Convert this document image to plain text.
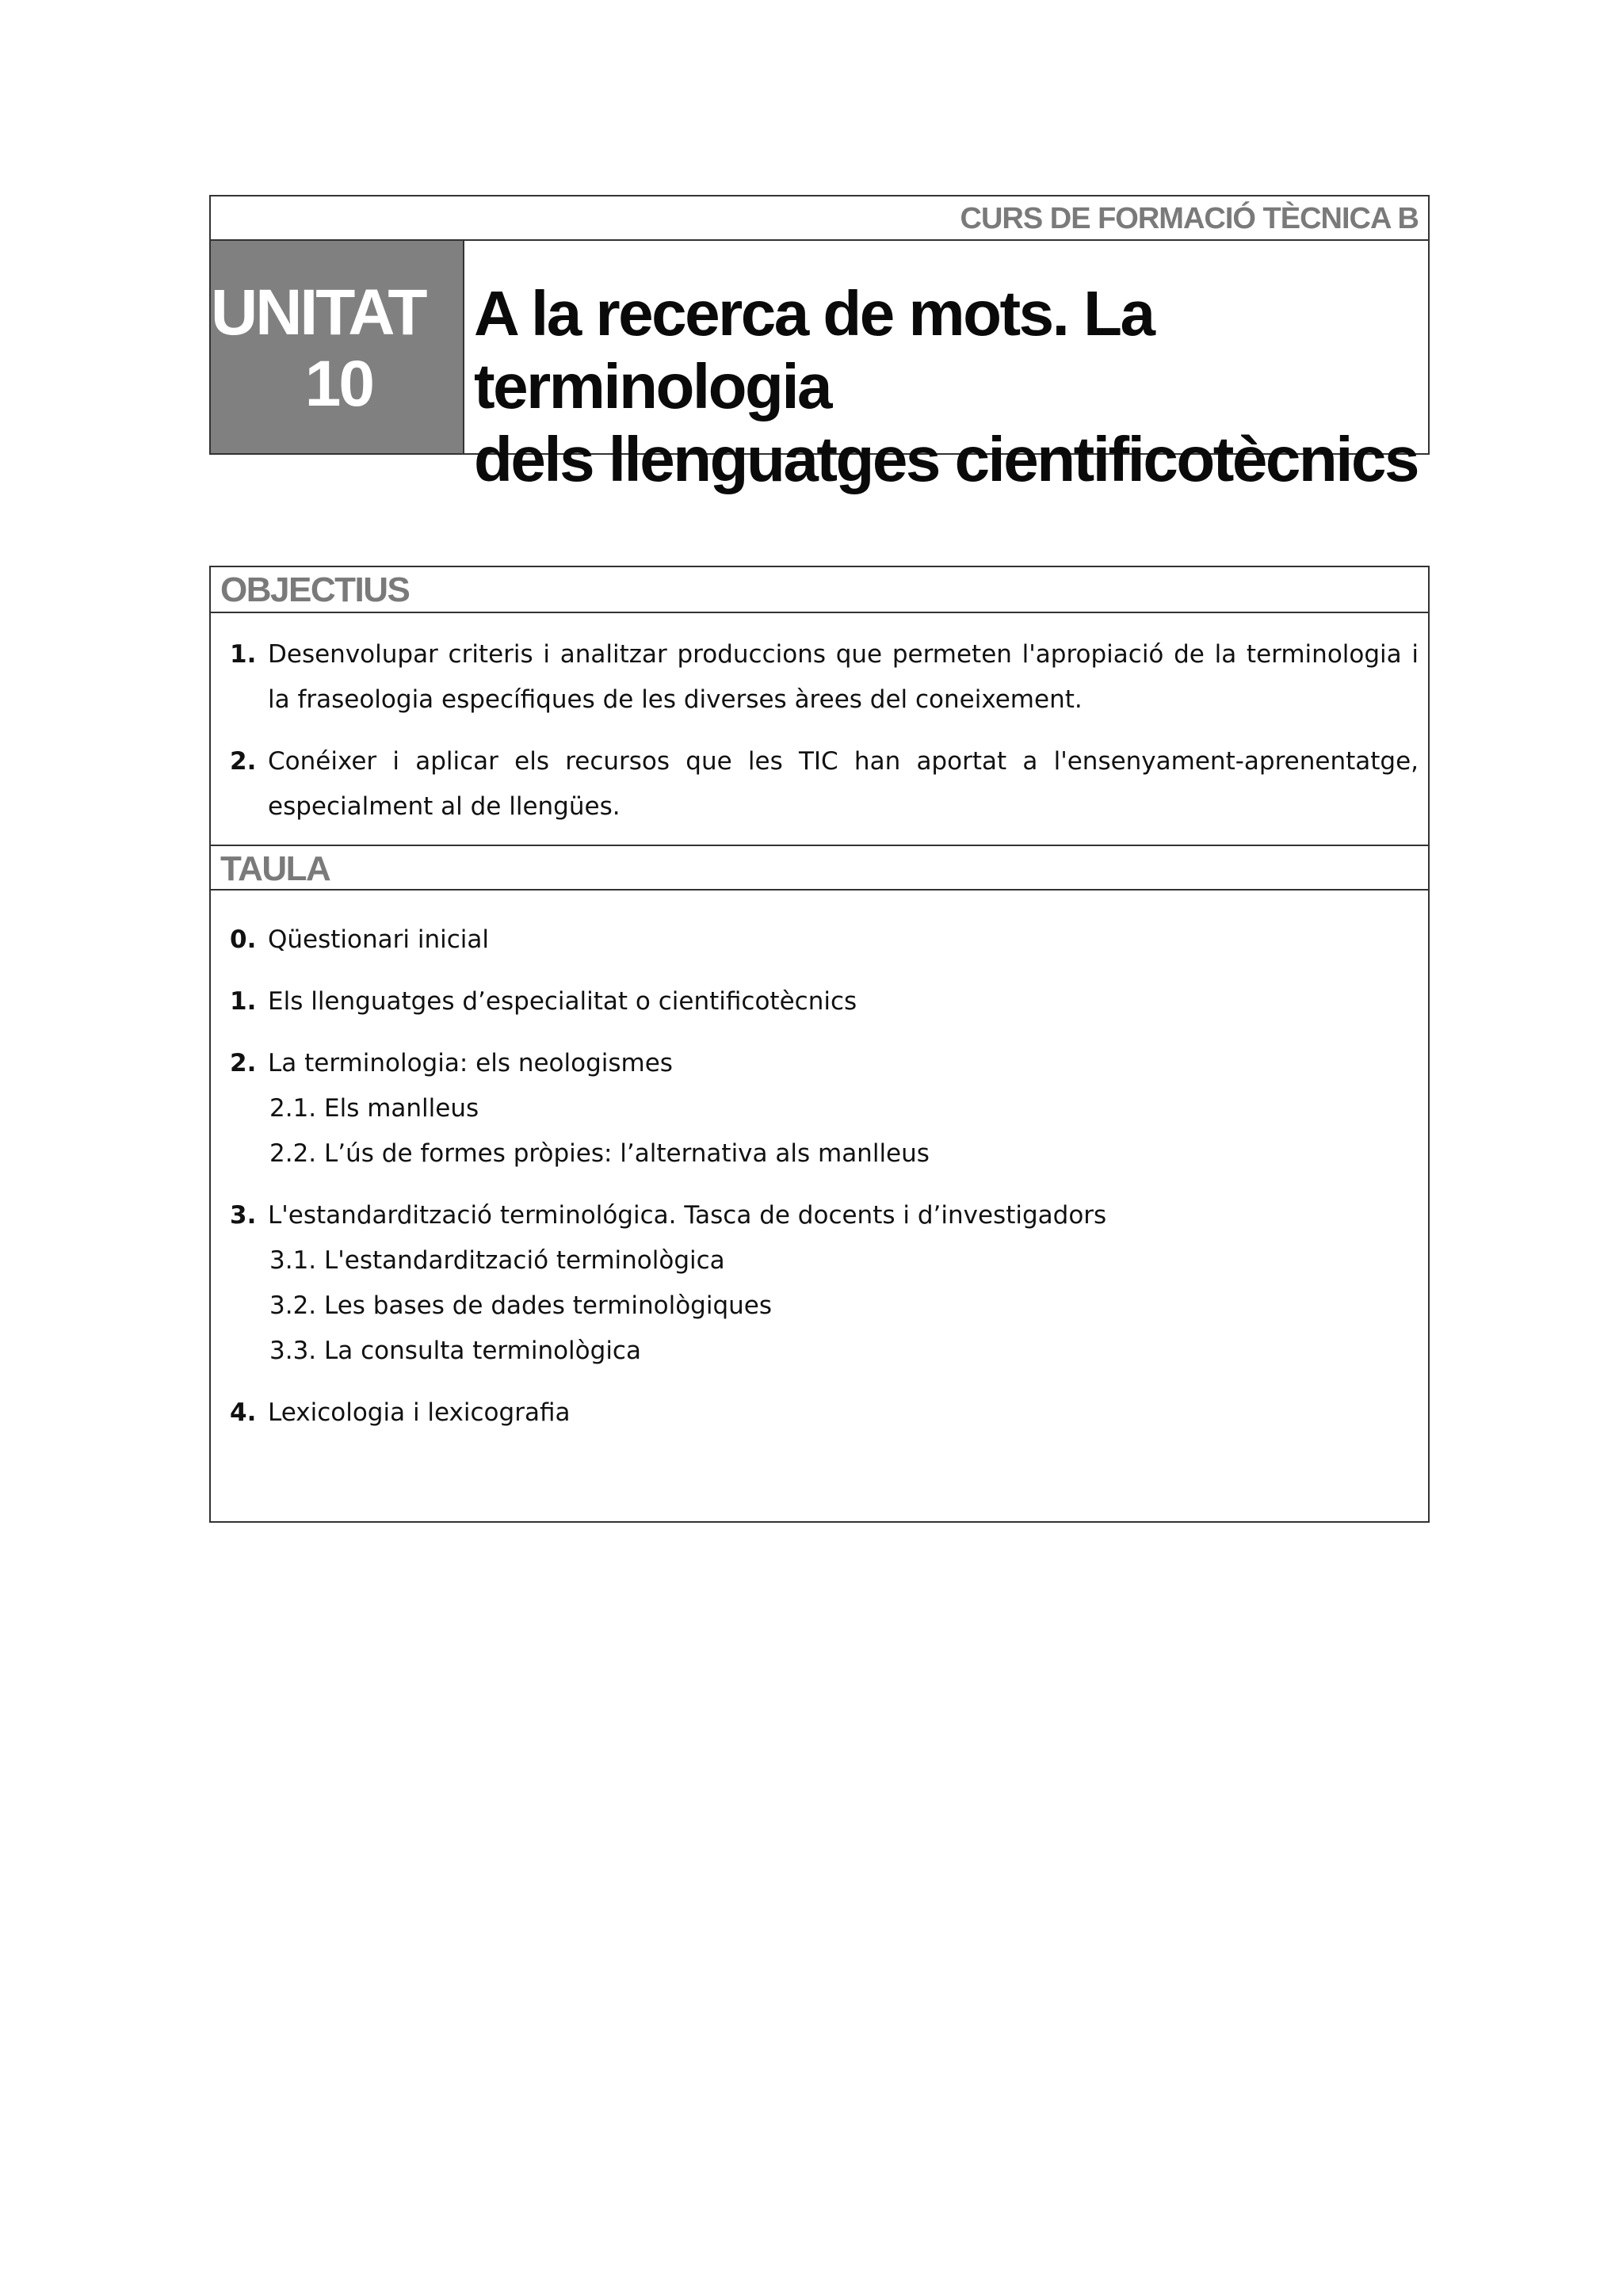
CURS DE FORMACIÓ TÈCNICA B
UNITAT
10
A la recerca de mots. La terminologia
dels llenguatges cientificotècnics
OBJECTIUS
1. Desenvolupar criteris i analitzar produccions que permeten l'apropiació de la terminologia i la fraseologia específiques de les diverses àrees del coneixement.
2. Conéixer i aplicar els recursos que les TIC han aportat a l'ensenyament-aprenentatge, especialment al de llengües.
TAULA
0. Qüestionari inicial
1. Els llenguatges d’especialitat o cientificotècnics
2. La terminologia: els neologismes
2.1. Els manlleus
2.2. L’ús de formes pròpies: l’alternativa als manlleus
3. L'estandardització terminológica. Tasca de docents i d’investigadors
3.1. L'estandardització terminològica
3.2. Les bases de dades terminològiques
3.3. La consulta terminològica
4. Lexicologia i lexicografia
